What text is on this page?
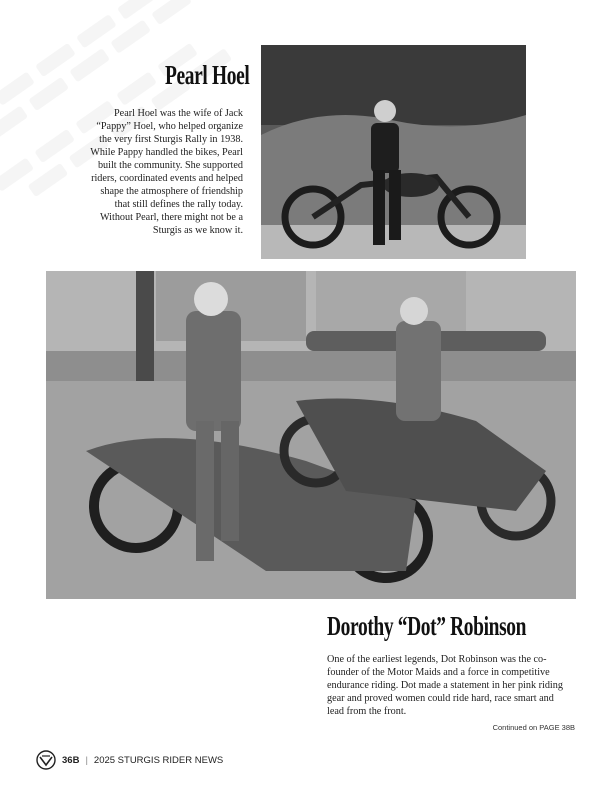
Pearl Hoel
Pearl Hoel was the wife of Jack “Pappy” Hoel, who helped organize the very first Sturgis Rally in 1938. While Pappy handled the bikes, Pearl built the community. She supported riders, coordinated events and helped shape the atmosphere of friendship that still defines the rally today. Without Pearl, there might not be a Sturgis as we know it.
Dorothy “Dot” Robinson
One of the earliest legends, Dot Robinson was the co-founder of the Motor Maids and a force in competitive endurance riding. Dot made a statement in her pink riding gear and proved women could ride hard, race smart and lead from the front.
Continued on PAGE 38B
36B | 2025 STURGIS RIDER NEWS
